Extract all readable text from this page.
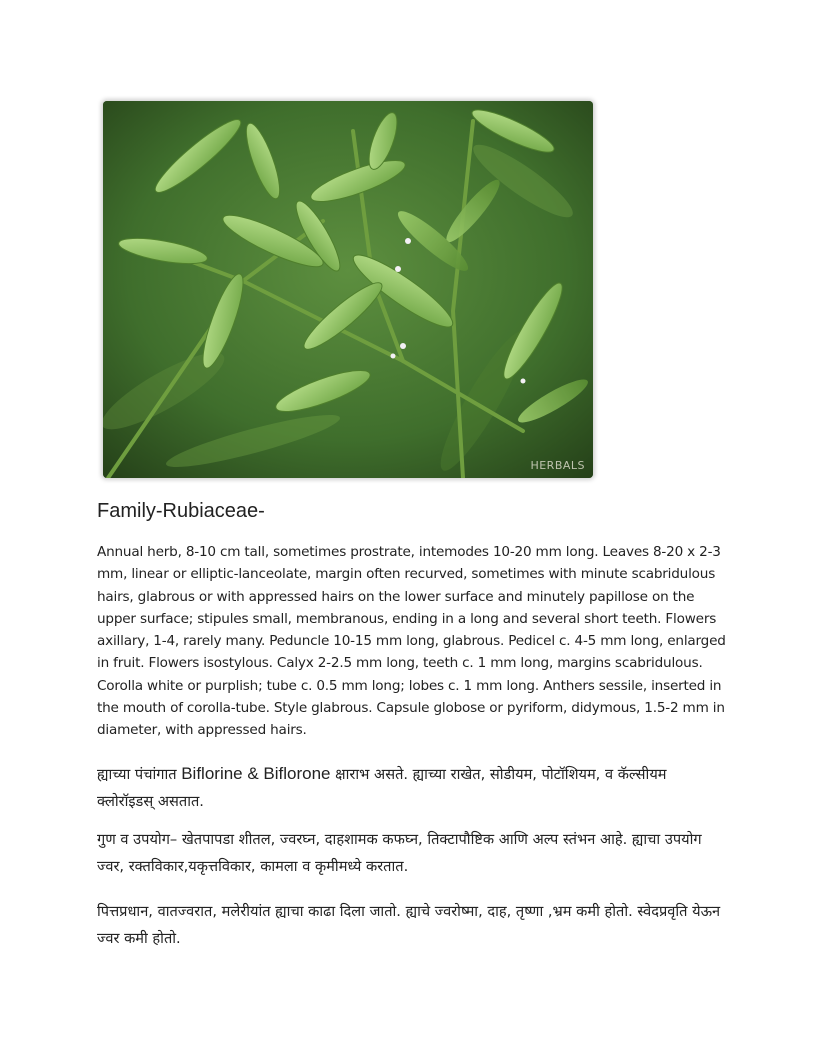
HERBALS
Family-Rubiaceae-

Annual herb, 8-10 cm tall, sometimes prostrate, intemodes 10-20 mm long. Leaves 8-20 x 2-3 mm, linear or elliptic-lanceolate, margin often recurved, sometimes with minute scabridulous hairs, glabrous or with appressed hairs on the lower surface and minutely papillose on the upper surface; stipules small, membranous, ending in a long and several short teeth. Flowers axillary, 1-4, rarely many. Peduncle 10-15 mm long, glabrous. Pedicel c. 4-5 mm long, enlarged in fruit. Flowers isostylous. Calyx 2-2.5 mm long, teeth c. 1 mm long, margins scabridulous. Corolla white or purplish; tube c. 0.5 mm long; lobes c. 1 mm long. Anthers sessile, inserted in the mouth of corolla-tube. Style glabrous. Capsule globose or pyriform, didymous, 1.5-2 mm in diameter, with appressed hairs.

ह्याच्या पंचांगात Biflorine & Biflorone क्षाराभ असते. ह्याच्या राखेत, सोडीयम, पोटॉशियम, व कॅल्सीयम क्लोरॉइडस् असतात.

गुण व उपयोग– खेतपापडा शीतल, ज्वरघ्न, दाहशामक कफघ्न, तिक्टापौष्टिक आणि अल्प स्तंभन आहे. ह्याचा उपयोग ज्वर, रक्तविकार,यकृत्तविकार, कामला व कृमीमध्ये करतात.

पित्तप्रधान, वातज्वरात, मलेरीयांत ह्याचा काढा दिला जातो. ह्याचे ज्वरोष्मा, दाह, तृष्णा ,भ्रम कमी होतो. स्वेदप्रवृति येऊन ज्वर कमी होतो.
